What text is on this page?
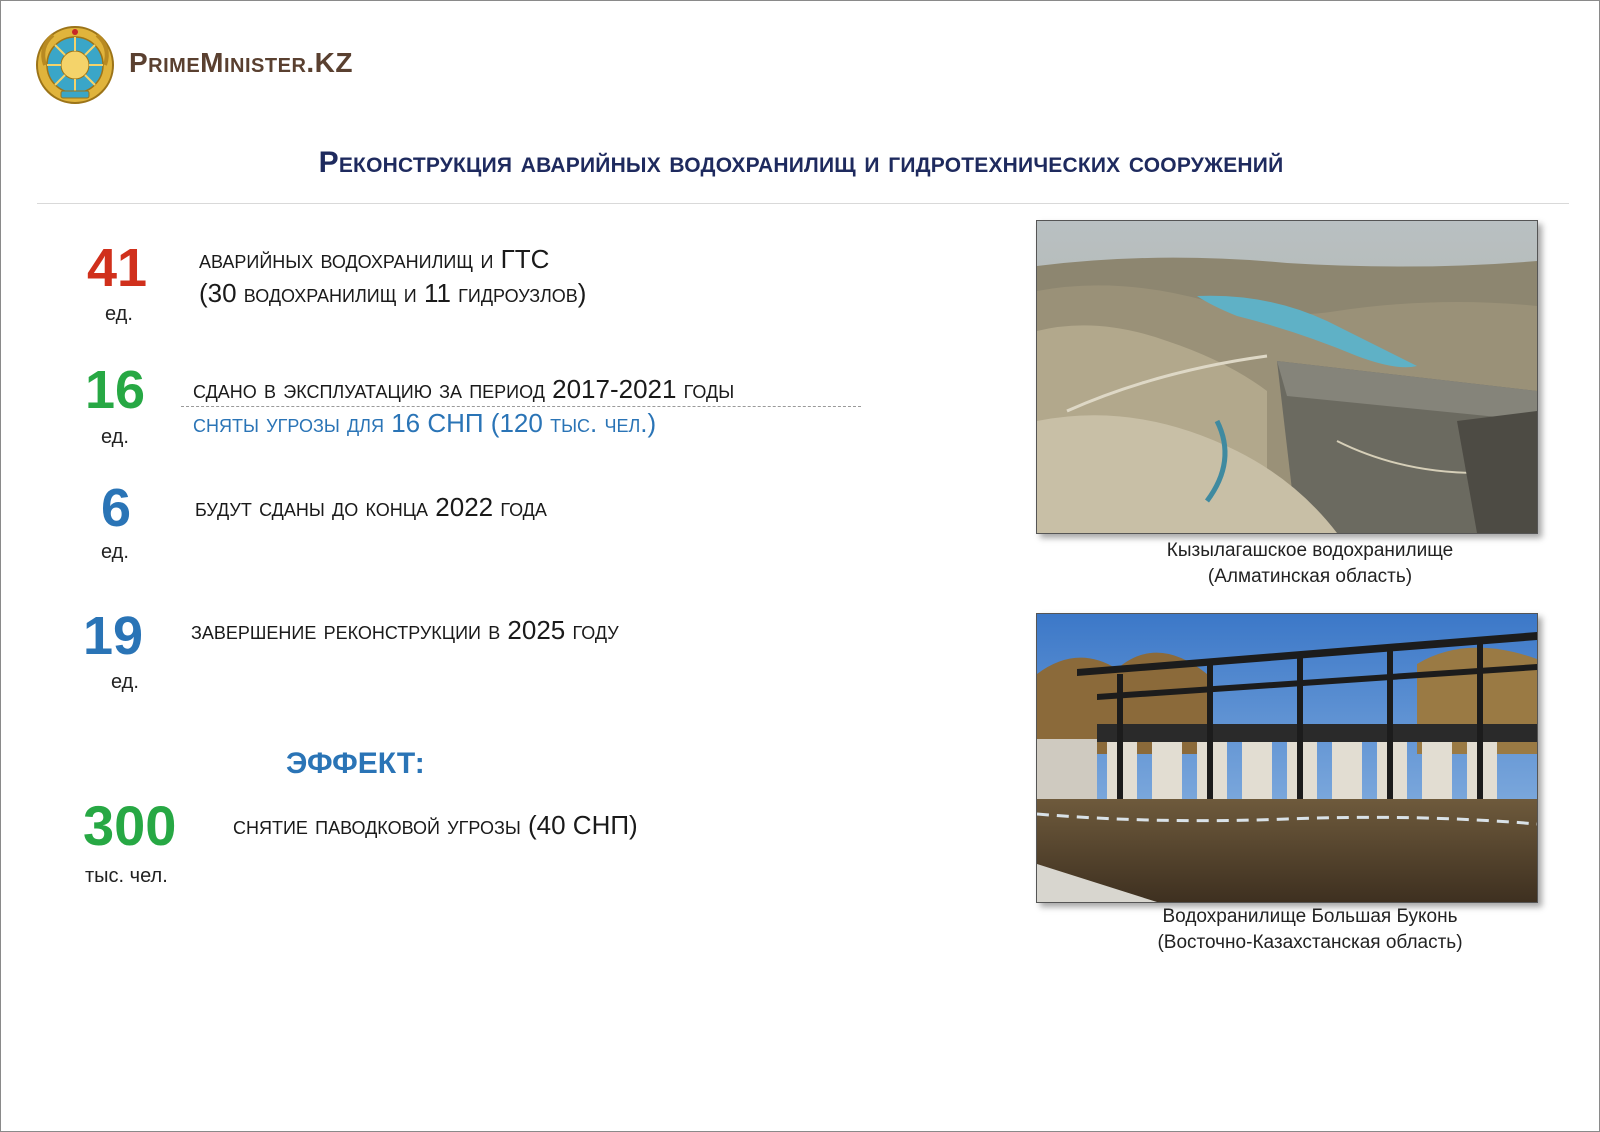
PrimeMinister.KZ
Реконструкция аварийных водохранилищ и гидротехнических сооружений
41
ед.
аварийных водохранилищ и ГТС
(30 водохранилищ и 11 гидроузлов)
16
ед.
сдано в эксплуатацию за период 2017-2021 годы
сняты угрозы для 16 СНП (120 тыс. чел.)
6
ед.
будут сданы до конца 2022 года
19
ед.
завершение реконструкции в 2025 году
ЭФФЕКТ:
300
тыс. чел.
снятие паводковой угрозы (40 СНП)
Кызылагашское водохранилище
(Алматинская область)
Водохранилище Большая Буконь
(Восточно-Казахстанская область)
